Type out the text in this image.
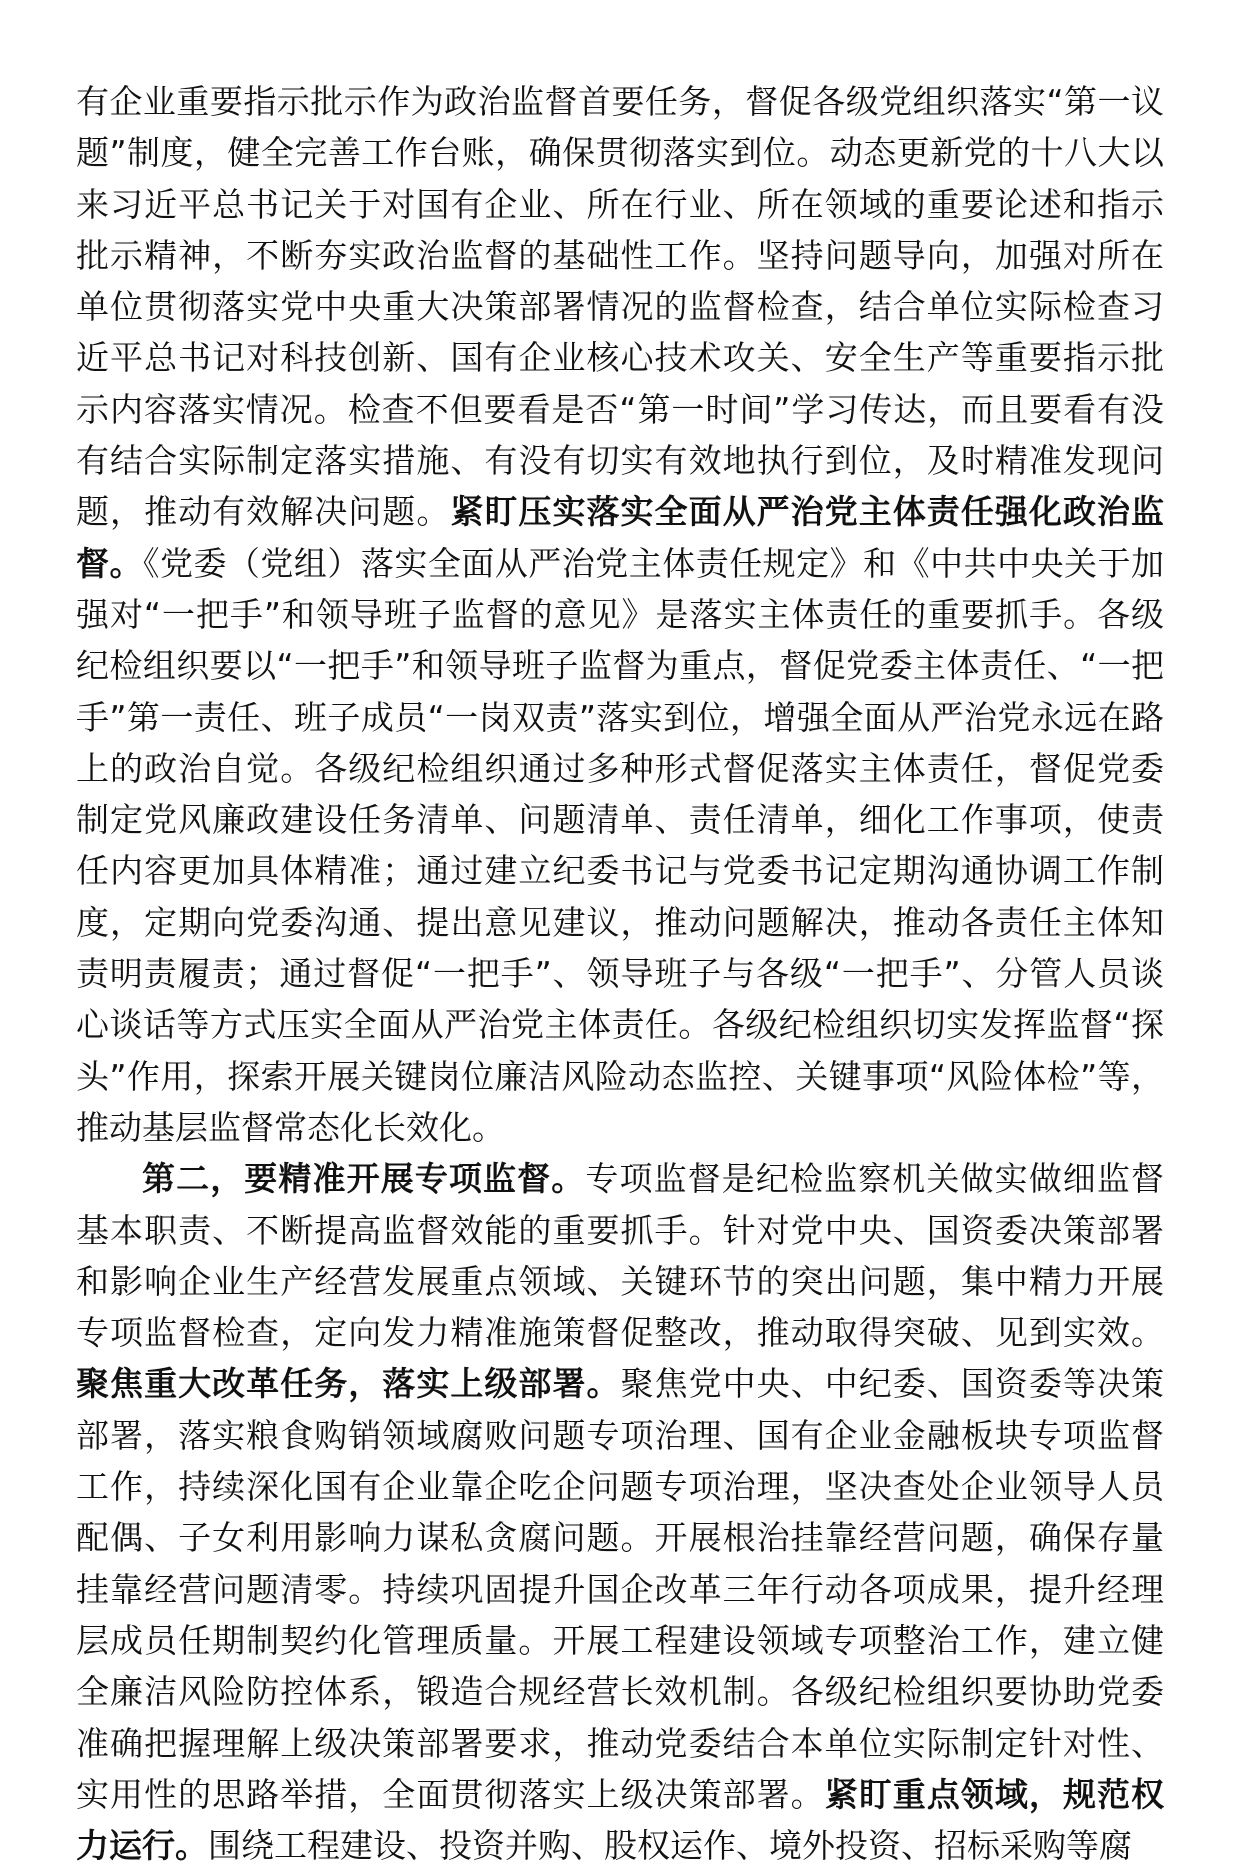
有企业重要指示批示作为政治监督首要任务，督促各级党组织落实“第一议题”制度，健全完善工作台账，确保贯彻落实到位。动态更新党的十八大以来习近平总书记关于对国有企业、所在行业、所在领域的重要论述和指示批示精神，不断夯实政治监督的基础性工作。坚持问题导向，加强对所在单位贯彻落实党中央重大决策部署情况的监督检查，结合单位实际检查习近平总书记对科技创新、国有企业核心技术攻关、安全生产等重要指示批示内容落实情况。检查不但要看是否“第一时间”学习传达，而且要看有没有结合实际制定落实措施、有没有切实有效地执行到位，及时精准发现问题，推动有效解决问题。紧盯压实落实全面从严治党主体责任强化政治监督。《党委（党组）落实全面从严治党主体责任规定》和《中共中央关于加强对“一把手”和领导班子监督的意见》是落实主体责任的重要抓手。各级纪检组织要以“一把手”和领导班子监督为重点，督促党委主体责任、“一把手”第一责任、班子成员“一岗双责”落实到位，增强全面从严治党永远在路上的政治自觉。各级纪检组织通过多种形式督促落实主体责任，督促党委制定党风廉政建设任务清单、问题清单、责任清单，细化工作事项，使责任内容更加具体精准；通过建立纪委书记与党委书记定期沟通协调工作制度，定期向党委沟通、提出意见建议，推动问题解决，推动各责任主体知责明责履责；通过督促“一把手”、领导班子与各级“一把手”、分管人员谈心谈话等方式压实全面从严治党主体责任。各级纪检组织切实发挥监督“探头”作用，探索开展关键岗位廉洁风险动态监控、关键事项“风险体检”等，推动基层监督常态化长效化。

第二，要精准开展专项监督。专项监督是纪检监察机关做实做细监督基本职责、不断提高监督效能的重要抓手。针对党中央、国资委决策部署和影响企业生产经营发展重点领域、关键环节的突出问题，集中精力开展专项监督检查，定向发力精准施策督促整改，推动取得突破、见到实效。聚焦重大改革任务，落实上级部署。聚焦党中央、中纪委、国资委等决策部署，落实粮食购销领域腐败问题专项治理、国有企业金融板块专项监督工作，持续深化国有企业靠企吃企问题专项治理，坚决查处企业领导人员配偶、子女利用影响力谋私贪腐问题。开展根治挂靠经营问题，确保存量挂靠经营问题清零。持续巩固提升国企改革三年行动各项成果，提升经理层成员任期制契约化管理质量。开展工程建设领域专项整治工作，建立健全廉洁风险防控体系，锻造合规经营长效机制。各级纪检组织要协助党委准确把握理解上级决策部署要求，推动党委结合本单位实际制定针对性、实用性的思路举措，全面贯彻落实上级决策部署。紧盯重点领域，规范权力运行。围绕工程建设、投资并购、股权运作、境外投资、招标采购等腐
